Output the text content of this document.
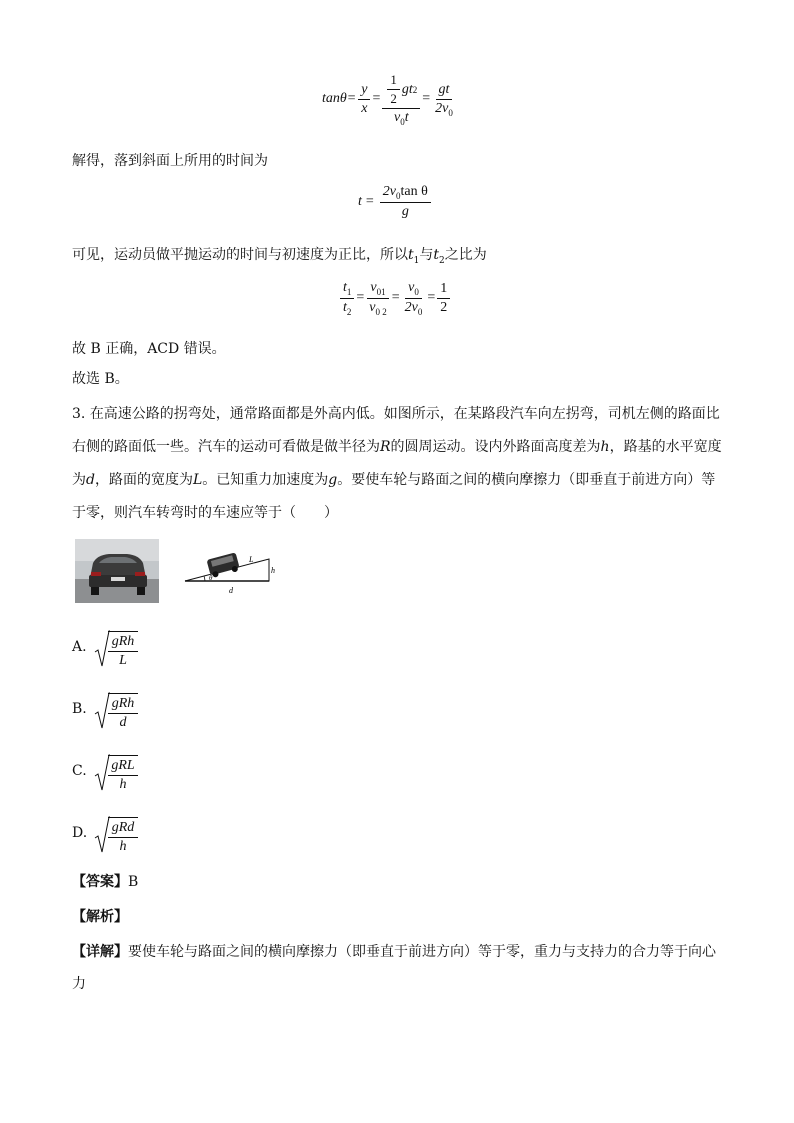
$\tan\theta= \frac{y}{x} = \frac{\frac{1}{2} gt 2}{v_0t} = \frac{gt}{2v_0}$
解得，落到斜面上所用的时间为
$t = \frac{2v_0\tan \theta}{g}$
可见，运动员做平抛运动的时间与初速度为正比，所以$t_1$与$t_2$之比为
$\frac{t_1}{t_2} = \frac{v_{01}}{v_{0 2}} = \frac{v_0}{2v_0} = \frac{1}{2}$
故 B 正确，ACD 错误。
故选 B。
3. 在高速公路的拐弯处，通常路面都是外高内低。如图所示，在某路段汽车向左拐弯，司机左侧的路面比
右侧的路面低一些。汽车的运动可看做是做半径为R的圆周运动。设内外路面高度差为h，路基的水平宽度
为d，路面的宽度为L。已知重力加速度为g。要使车轮与路面之间的横向摩擦力（即垂直于前进方向）等
于零，则汽车转弯时的车速应等于（　　）
L
h
d
θ
A. gRh
L
B. gRh
d
C. gRL
h
D. gRd
h
【答案】B
【解析】
【详解】要使车轮与路面之间的横向摩擦力（即垂直于前进方向）等于零，重力与支持力的合力等于向心
力
